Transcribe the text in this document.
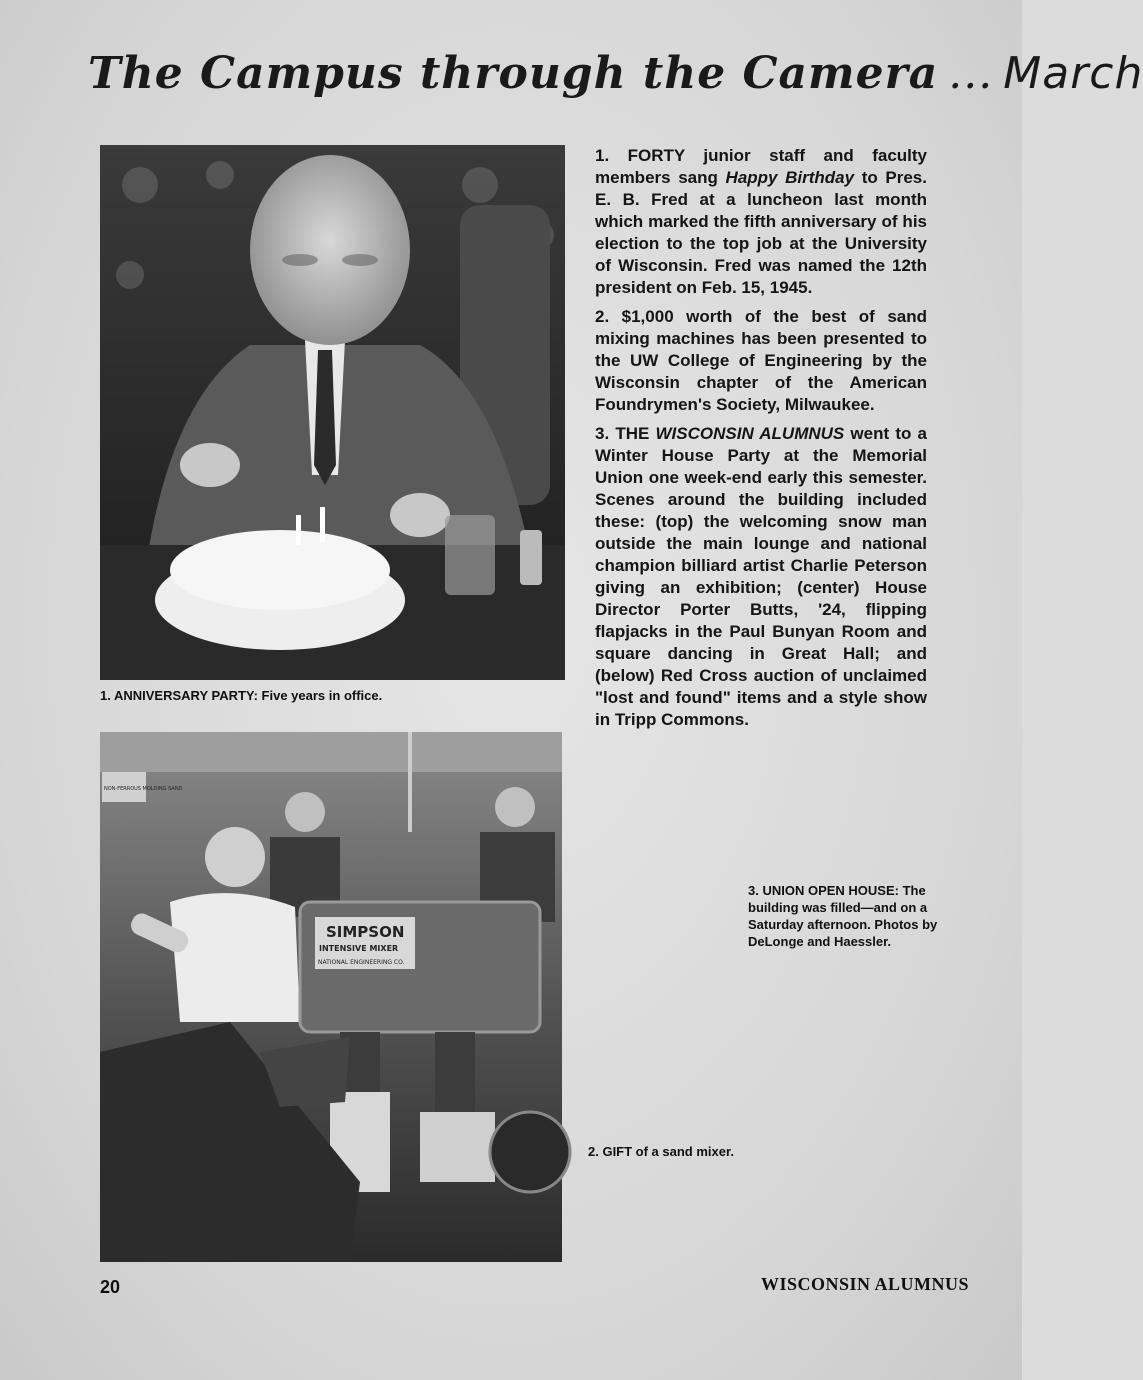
The Campus through the Camera ... March
1. ANNIVERSARY PARTY: Five years in office.
NON-FERROUS MOLDING SAND
SIMPSON
INTENSIVE MIXER
NATIONAL ENGINEERING CO.
2. GIFT of a sand mixer.

1. FORTY junior staff and faculty members sang Happy Birthday to Pres. E. B. Fred at a luncheon last month which marked the fifth anniversary of his election to the top job at the University of Wisconsin. Fred was named the 12th president on Feb. 15, 1945.

2. $1,000 worth of the best of sand mixing machines has been presented to the UW College of Engineering by the Wisconsin chapter of the American Foundrymen's Society, Milwaukee.

3. THE WISCONSIN ALUMNUS went to a Winter House Party at the Memorial Union one week-end early this semester. Scenes around the building included these: (top) the welcoming snow man outside the main lounge and national champion billiard artist Charlie Peterson giving an exhibition; (center) House Director Porter Butts, '24, flipping flapjacks in the Paul Bunyan Room and square dancing in Great Hall; and (below) Red Cross auction of unclaimed "lost and found" items and a style show in Tripp Commons.

3. UNION OPEN HOUSE: The building was filled—and on a Saturday afternoon. Photos by DeLonge and Haessler.
20	WISCONSIN ALUMNUS
